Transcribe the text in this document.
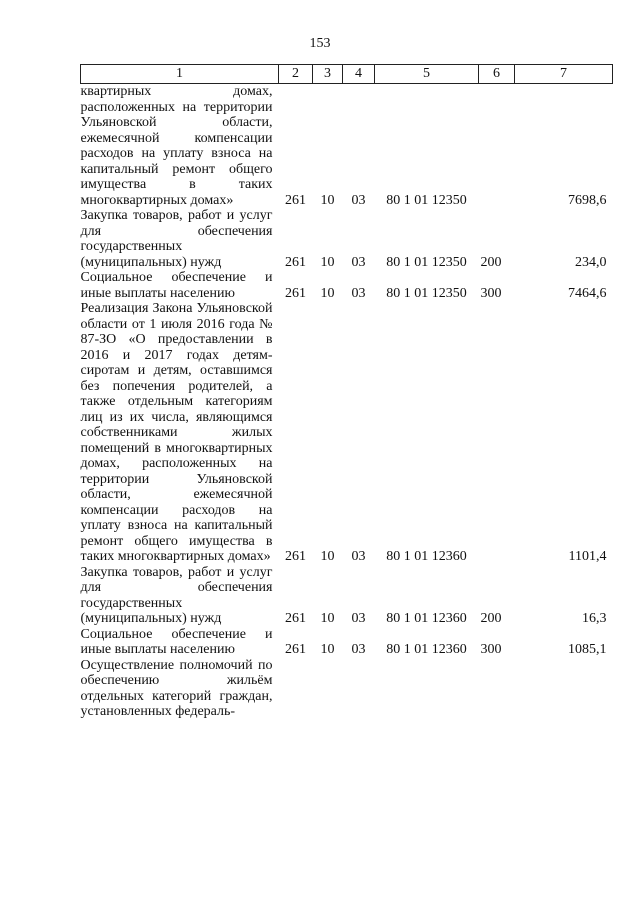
153
1	2	3	4	5	6	7
квартирных домах, расположенных на территории Ульяновской области, ежемесячной компенсации расходов на уплату взноса на капитальный ремонт общего имущества в таких многоквартирных домах»	261	10	03	80 1 01 12350		7698,6
Закупка товаров, работ и услуг для обеспечения государственных (муниципальных) нужд	261	10	03	80 1 01 12350	200	234,0
Социальное обеспечение и иные выплаты населению	261	10	03	80 1 01 12350	300	7464,6
Реализация Закона Ульяновской области от 1 июля 2016 года № 87-ЗО «О предоставлении в 2016 и 2017 годах детям-сиротам и детям, оставшимся без попечения родителей, а также отдельным категориям лиц из их числа, являющимся собственниками жилых помещений в многоквартирных домах, расположенных на территории Ульяновской области, ежемесячной компенсации расходов на уплату взноса на капитальный ремонт общего имущества в таких многоквартирных домах»	261	10	03	80 1 01 12360		1101,4
Закупка товаров, работ и услуг для обеспечения государственных (муниципальных) нужд	261	10	03	80 1 01 12360	200	16,3
Социальное обеспечение и иные выплаты населению	261	10	03	80 1 01 12360	300	1085,1
Осуществление полномочий по обеспечению жильём отдельных категорий граждан, установленных федераль-						
